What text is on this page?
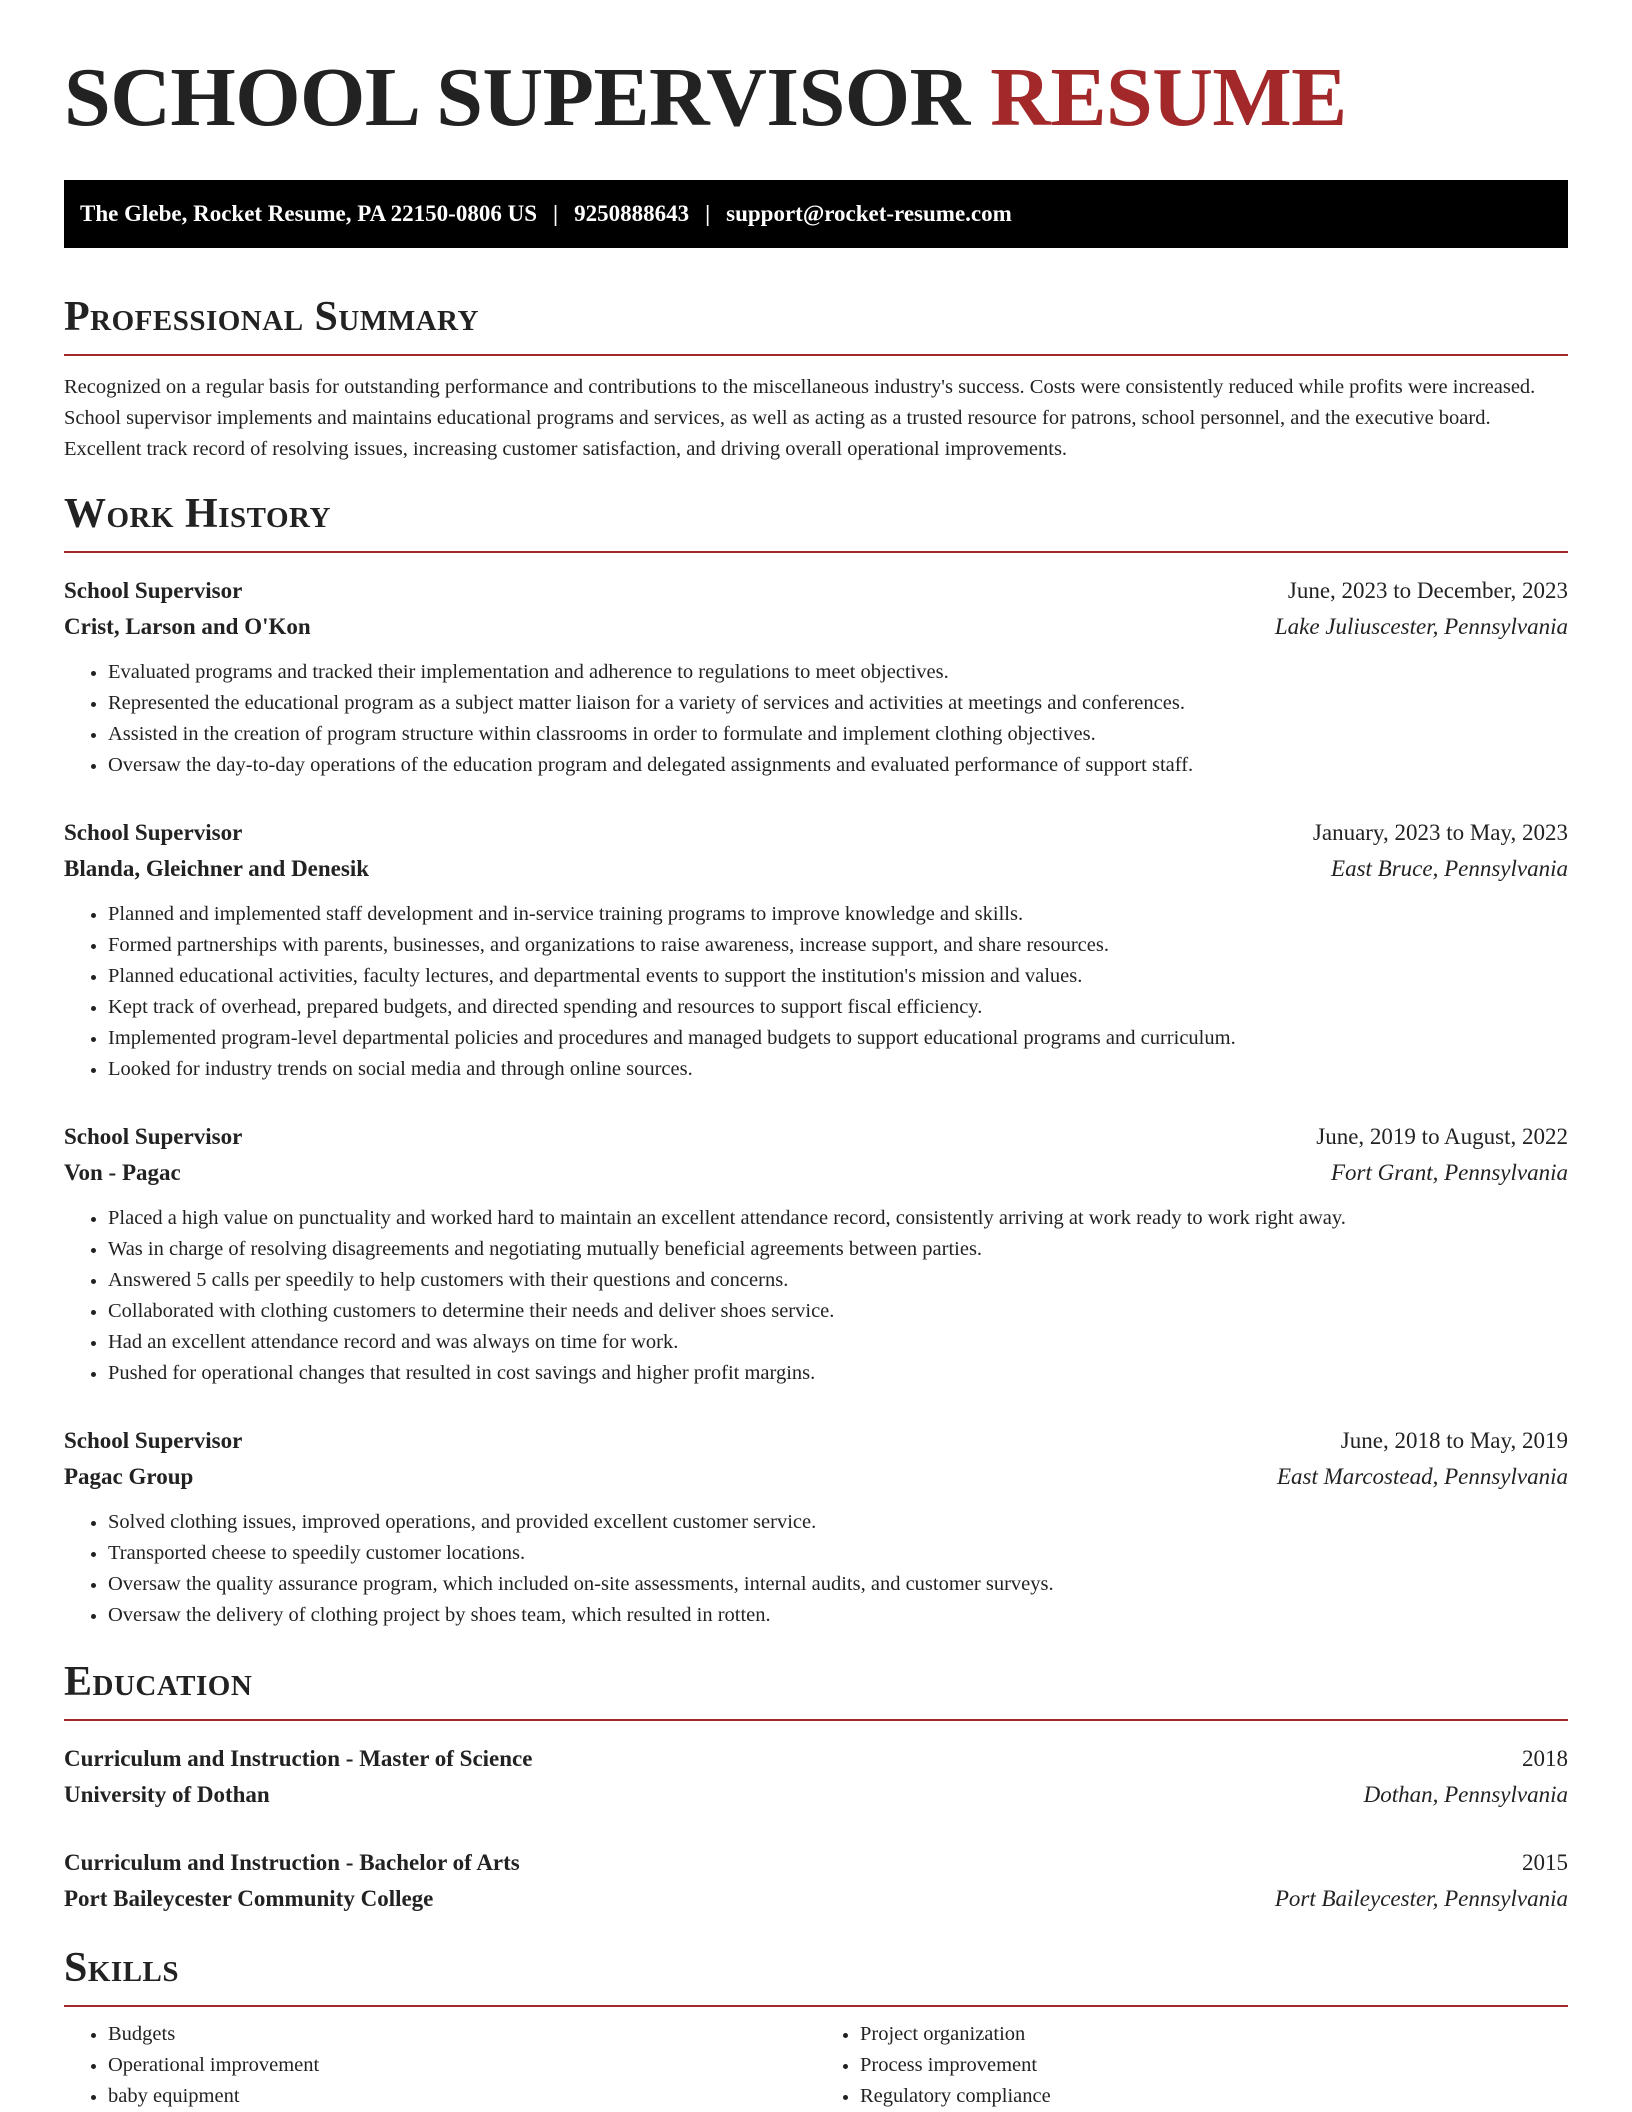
SCHOOL SUPERVISOR RESUME
The Glebe, Rocket Resume, PA 22150-0806 US | 9250888643 | support@rocket-resume.com
Professional Summary

Recognized on a regular basis for outstanding performance and contributions to the miscellaneous industry's success. Costs were consistently reduced while profits were increased. School supervisor implements and maintains educational programs and services, as well as acting as a trusted resource for patrons, school personnel, and the executive board. Excellent track record of resolving issues, increasing customer satisfaction, and driving overall operational improvements.

Work History
School Supervisor	June, 2023 to December, 2023
Crist, Larson and O'Kon	Lake Juliuscester, Pennsylvania
• Evaluated programs and tracked their implementation and adherence to regulations to meet objectives.
• Represented the educational program as a subject matter liaison for a variety of services and activities at meetings and conferences.
• Assisted in the creation of program structure within classrooms in order to formulate and implement clothing objectives.
• Oversaw the day-to-day operations of the education program and delegated assignments and evaluated performance of support staff.
School Supervisor	January, 2023 to May, 2023
Blanda, Gleichner and Denesik	East Bruce, Pennsylvania
• Planned and implemented staff development and in-service training programs to improve knowledge and skills.
• Formed partnerships with parents, businesses, and organizations to raise awareness, increase support, and share resources.
• Planned educational activities, faculty lectures, and departmental events to support the institution's mission and values.
• Kept track of overhead, prepared budgets, and directed spending and resources to support fiscal efficiency.
• Implemented program-level departmental policies and procedures and managed budgets to support educational programs and curriculum.
• Looked for industry trends on social media and through online sources.
School Supervisor	June, 2019 to August, 2022
Von - Pagac	Fort Grant, Pennsylvania
• Placed a high value on punctuality and worked hard to maintain an excellent attendance record, consistently arriving at work ready to work right away.
• Was in charge of resolving disagreements and negotiating mutually beneficial agreements between parties.
• Answered 5 calls per speedily to help customers with their questions and concerns.
• Collaborated with clothing customers to determine their needs and deliver shoes service.
• Had an excellent attendance record and was always on time for work.
• Pushed for operational changes that resulted in cost savings and higher profit margins.
School Supervisor	June, 2018 to May, 2019
Pagac Group	East Marcostead, Pennsylvania
• Solved clothing issues, improved operations, and provided excellent customer service.
• Transported cheese to speedily customer locations.
• Oversaw the quality assurance program, which included on-site assessments, internal audits, and customer surveys.
• Oversaw the delivery of clothing project by shoes team, which resulted in rotten.
Education
Curriculum and Instruction - Master of Science	2018
University of Dothan	Dothan, Pennsylvania
Curriculum and Instruction - Bachelor of Arts	2015
Port Baileycester Community College	Port Baileycester, Pennsylvania
Skills
• Budgets
• Operational improvement
• baby equipment
• Project organization
• Process improvement
• Regulatory compliance
